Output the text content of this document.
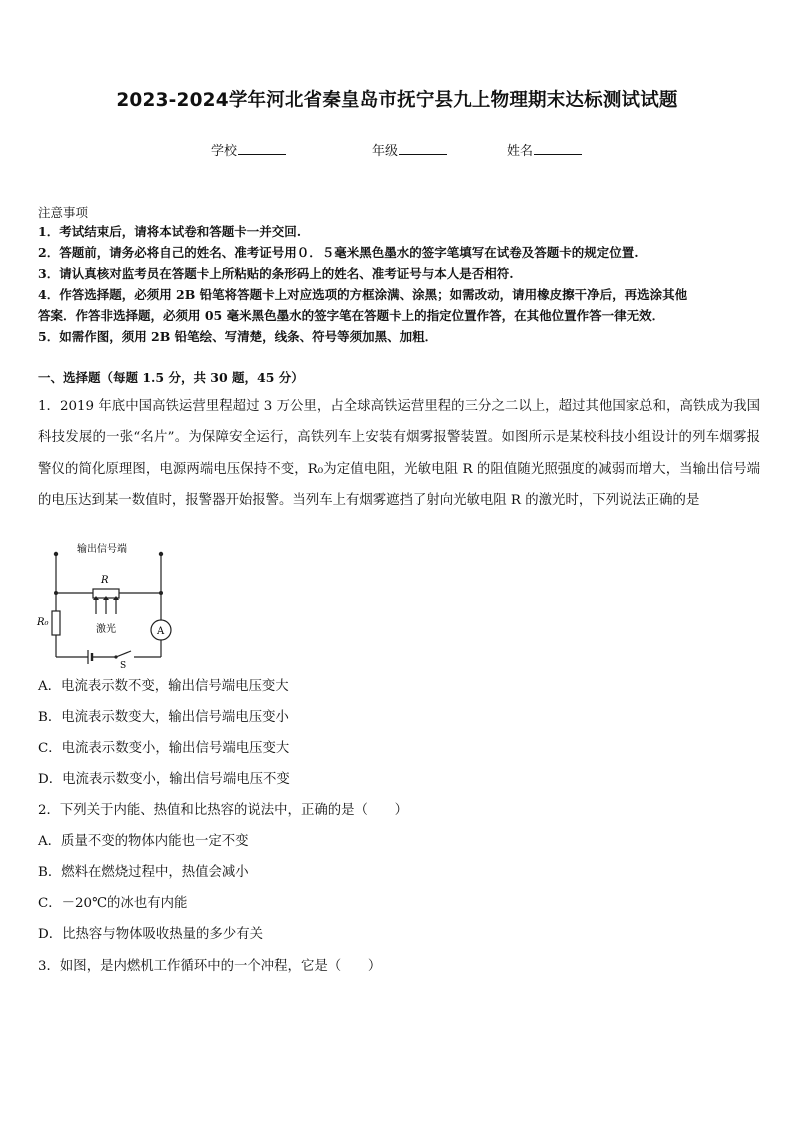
2023-2024学年河北省秦皇岛市抚宁县九上物理期末达标测试试题
学校	年级	姓名
注意事项
1．考试结束后，请将本试卷和答题卡一并交回.
2．答题前，请务必将自己的姓名、准考证号用０．５毫米黑色墨水的签字笔填写在试卷及答题卡的规定位置.
3．请认真核对监考员在答题卡上所粘贴的条形码上的姓名、准考证号与本人是否相符.
4．作答选择题，必须用 2B 铅笔将答题卡上对应选项的方框涂满、涂黑；如需改动，请用橡皮擦干净后，再选涂其他
答案．作答非选择题，必须用 05 毫米黑色墨水的签字笔在答题卡上的指定位置作答，在其他位置作答一律无效．
5．如需作图，须用 2B 铅笔绘、写清楚，线条、符号等须加黑、加粗．
一、选择题（每题 1.5 分，共 30 题，45 分）
1．2019 年底中国高铁运营里程超过 3 万公里，占全球高铁运营里程的三分之二以上，超过其他国家总和，高铁成为我国科技发展的一张“名片”。为保障安全运行，高铁列车上安装有烟雾报警装置。如图所示是某校科技小组设计的列车烟雾报警仪的简化原理图，电源两端电压保持不变，R₀为定值电阻，光敏电阻 R 的阻值随光照强度的减弱而增大，当输出信号端的电压达到某一数值时，报警器开始报警。当列车上有烟雾遮挡了射向光敏电阻 R 的激光时，下列说法正确的是
输出信号端
R
R₀
激光	A
S
A．电流表示数不变，输出信号端电压变大
B．电流表示数变大，输出信号端电压变小
C．电流表示数变小，输出信号端电压变大
D．电流表示数变小，输出信号端电压不变
2．下列关于内能、热值和比热容的说法中，正确的是（　　）
A．质量不变的物体内能也一定不变
B．燃料在燃烧过程中，热值会减小
C．－20℃的冰也有内能
D．比热容与物体吸收热量的多少有关
3．如图，是内燃机工作循环中的一个冲程，它是（　　）
